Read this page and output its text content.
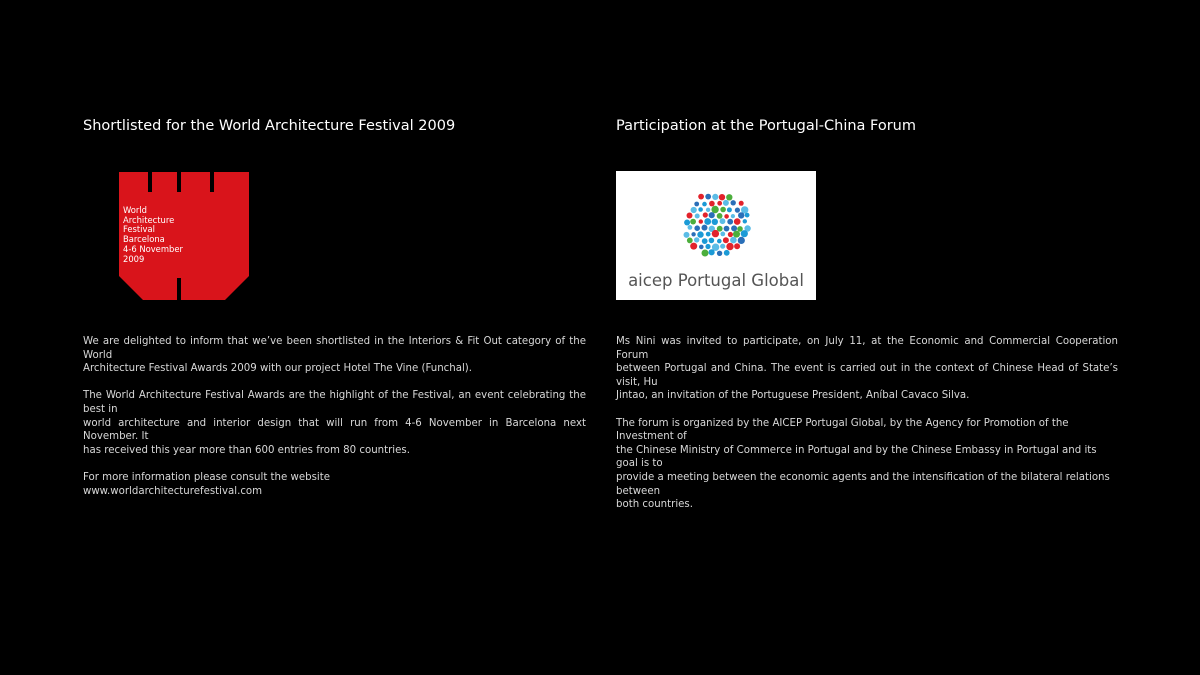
Shortlisted for the World Architecture Festival 2009
World
Architecture
Festival
Barcelona
4-6 November
2009

We are delighted to inform that we’ve been shortlisted in the Interiors & Fit Out category of the World
Architecture Festival Awards 2009 with our project Hotel The Vine (Funchal).

The World Architecture Festival Awards are the highlight of the Festival, an event celebrating the best in
world architecture and interior design that will run from 4-6 November in Barcelona next November. It
has received this year more than 600 entries from 80 countries.

For more information please consult the website
www.worldarchitecturefestival.com

Participation at the Portugal-China Forum
aicep Portugal Global

Ms Nini was invited to participate, on July 11, at the Economic and Commercial Cooperation Forum
between Portugal and China. The event is carried out in the context of Chinese Head of State’s visit, Hu
Jintao, an invitation of the Portuguese President, Aníbal Cavaco Silva.

The forum is organized by the AICEP Portugal Global, by the Agency for Promotion of the Investment of
the Chinese Ministry of Commerce in Portugal and by the Chinese Embassy in Portugal and its goal is to
provide a meeting between the economic agents and the intensification of the bilateral relations between
both countries.
